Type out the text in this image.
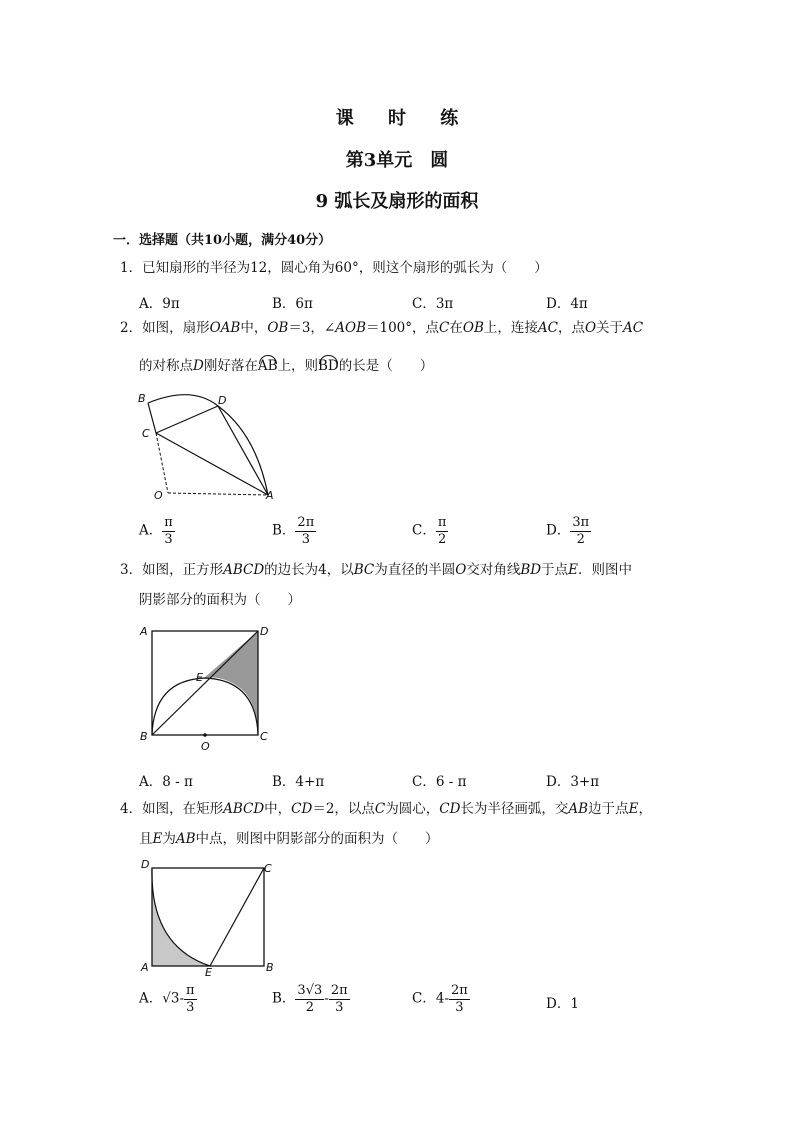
课 时 练
第3单元　圆
9 弧长及扇形的面积
一．选择题（共10小题，满分40分）
1．已知扇形的半径为12，圆心角为60°，则这个扇形的弧长为（　　）
A．9π	B．6π	C．3π	D．4π
2．如图，扇形OAB中，OB＝3，∠AOB＝100°，点C在OB上，连接AC，点O关于AC
的对称点D刚好落在AB上，则BD的长是（　　）
B	D
C
O	A
A． $\frac{\pi}{3}$	B． $\frac{2\pi}{3}$	C． $\frac{\pi}{2}$	D． $\frac{3\pi}{2}$
3．如图，正方形ABCD的边长为4，以BC为直径的半圆O交对角线BD于点E．则图中
阴影部分的面积为（　　）
A	D
E
B
O
C
A．8 - π	B．4+π	C．6 - π	D．3+π
4．如图，在矩形ABCD中，CD＝2，以点C为圆心，CD长为半径画弧，交AB边于点E，
且E为AB中点，则图中阴影部分的面积为（　　）
D	C
A	E	B
A．$√3- \frac{\pi}{3}$	B． $\frac{3√3}{2} - \frac{2\pi}{3}$	C．$4- \frac{2\pi}{3}$	D．1
